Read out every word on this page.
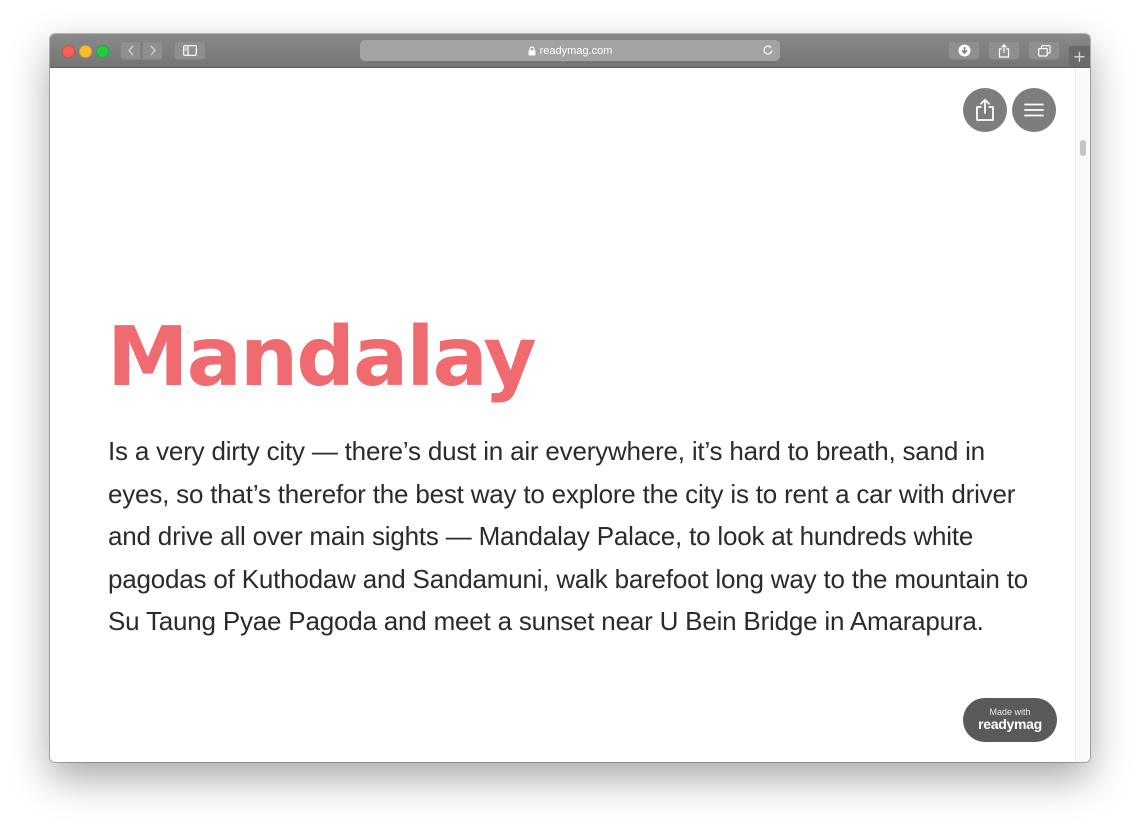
readymag.com	+
Mandalay

Is a very dirty city — there’s dust in air everywhere, it’s hard to breath, sand in eyes, so that’s therefor the best way to explore the city is to rent a car with driver and drive all over main sights — Mandalay Palace, to look at hundreds white pagodas of Kuthodaw and Sandamuni, walk barefoot long way to the mountain to Su Taung Pyae Pagoda and meet a sunset near U Bein Bridge in Amarapura.

Made with
readymag
